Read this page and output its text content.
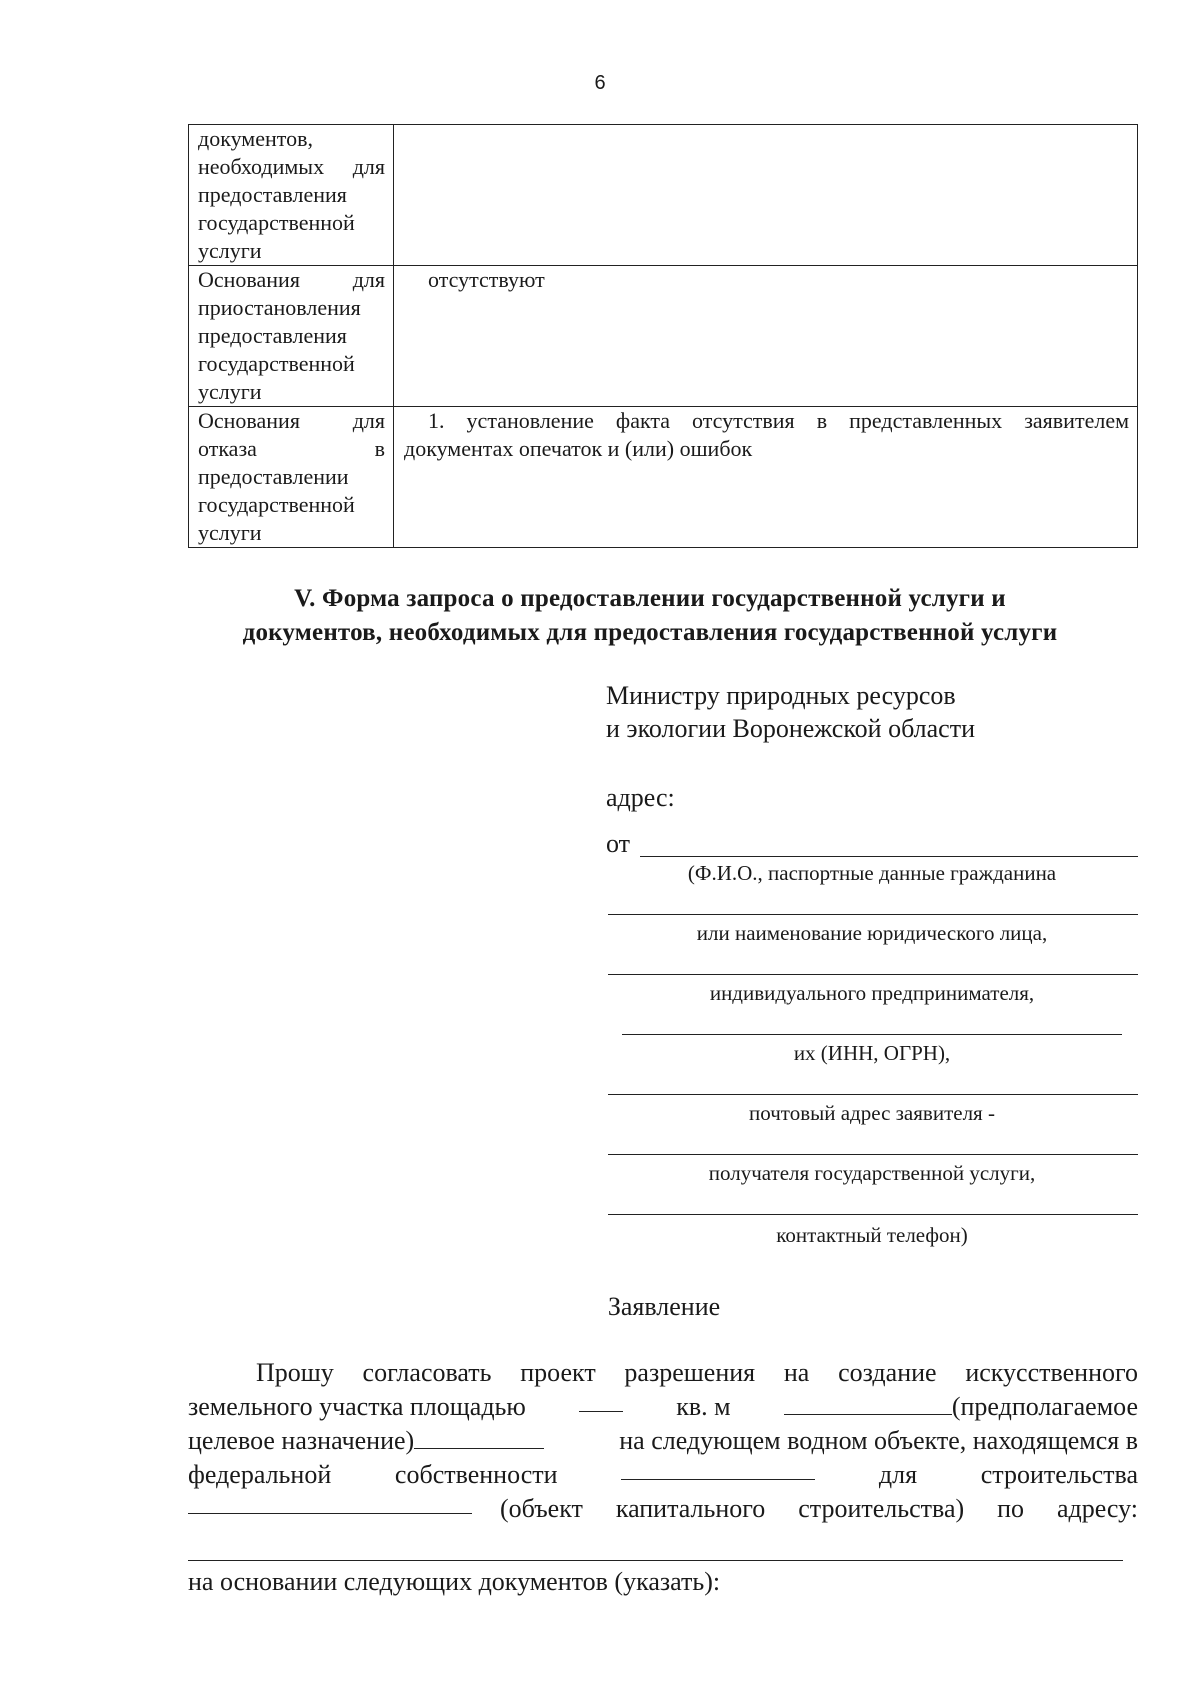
6
документов,
необходимых для
предоставления
государственной
услуги	

Основания для
приостановления
предоставления
государственной
услуги	отсутствуют

Основания для
отказа в
предоставлении
государственной
услуги	1. установление факта отсутствия в представленных заявителем
документах опечаток и (или) ошибок
V. Форма запроса о предоставлении государственной услуги и
документов, необходимых для предоставления государственной услуги
Министру природных ресурсов
и экологии Воронежской области
адрес:
от
(Ф.И.О., паспортные данные гражданина
или наименование юридического лица,
индивидуального предпринимателя,
их (ИНН, ОГРН),
почтовый адрес заявителя -
получателя государственной услуги,
контактный телефон)
Заявление
Прошу согласовать проект разрешения на создание искусственного
земельного участка площадью	кв. м	(предполагаемое
целевое назначение)	на следующем водном объекте, находящемся в
федеральной собственности	для строительства
(объект капитального строительства) по адресу:
на основании следующих документов (указать):
